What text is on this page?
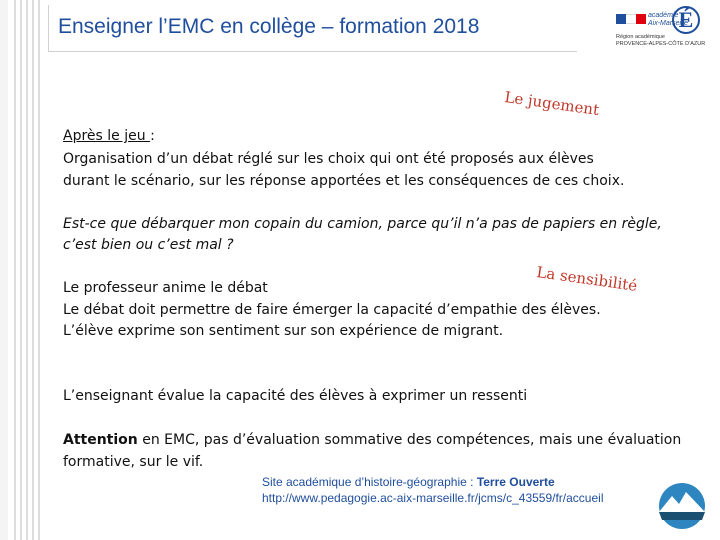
Enseigner l’EMC en collège – formation 2018	académie
Aix-Marseille
É
Région académique
PROVENCE-ALPES-CÔTE D’AZUR
Le jugement
La sensibilité
Après le jeu :
Organisation d’un débat réglé sur les choix qui ont été proposés aux élèves
durant le scénario, sur les réponse apportées et les conséquences de ces choix.
Est-ce que débarquer mon copain du camion, parce qu’il n’a pas de papiers en règle,
c’est bien ou c’est mal ?
Le professeur anime le débat
Le débat doit permettre de faire émerger la capacité d’empathie des élèves.
L’élève exprime son sentiment sur son expérience de migrant.
L’enseignant évalue la capacité des élèves à exprimer un ressenti
Attention en EMC, pas d’évaluation sommative des compétences, mais une évaluation
formative, sur le vif.
Site académique d’histoire-géographie : Terre Ouverte
http://www.pedagogie.ac-aix-marseille.fr/jcms/c_43559/fr/accueil
